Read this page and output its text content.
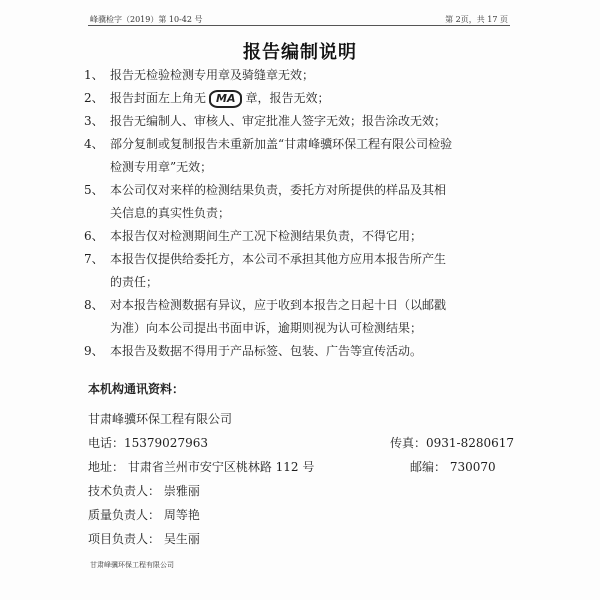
峰骥检字（2019）第 10-42 号	第 2页，共 17 页
报告编制说明
1、 报告无检验检测专用章及骑缝章无效；
2、 报告封面左上角无 MA 章，报告无效；
3、 报告无编制人、审核人、审定批准人签字无效；报告涂改无效；
4、 部分复制或复制报告未重新加盖“甘肃峰骥环保工程有限公司检验
检测专用章”无效；
5、 本公司仅对来样的检测结果负责，委托方对所提供的样品及其相
关信息的真实性负责；
6、 本报告仅对检测期间生产工况下检测结果负责，不得它用；
7、 本报告仅提供给委托方，本公司不承担其他方应用本报告所产生
的责任；
8、 对本报告检测数据有异议，应于收到本报告之日起十日（以邮戳
为准）向本公司提出书面申诉，逾期则视为认可检测结果；
9、 本报告及数据不得用于产品标签、包装、广告等宣传活动。
本机构通讯资料：
甘肃峰骥环保工程有限公司
电话：15379027963	传真：0931-8280617
地址： 甘肃省兰州市安宁区桃林路 112 号	邮编： 730070
技术负责人： 崇雅丽
质量负责人： 周等艳
项目负责人： 吴生丽
甘肃峰骥环保工程有限公司
